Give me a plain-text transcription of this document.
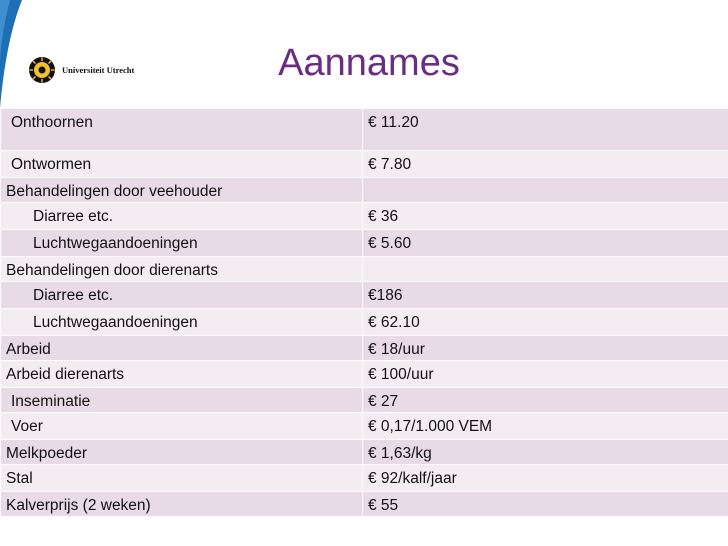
Universiteit Utrecht	Aannames
Onthoornen	€ 11.20
Ontwormen	€ 7.80
Behandelingen door veehouder	
Diarree etc.	€ 36
Luchtwegaandoeningen	€ 5.60
Behandelingen door dierenarts	
Diarree etc.	€186
Luchtwegaandoeningen	€ 62.10
Arbeid	€ 18/uur
Arbeid dierenarts	€ 100/uur
Inseminatie	€ 27
Voer	€ 0,17/1.000 VEM
Melkpoeder	€ 1,63/kg
Stal	€ 92/kalf/jaar
Kalverprijs (2 weken)	€ 55
